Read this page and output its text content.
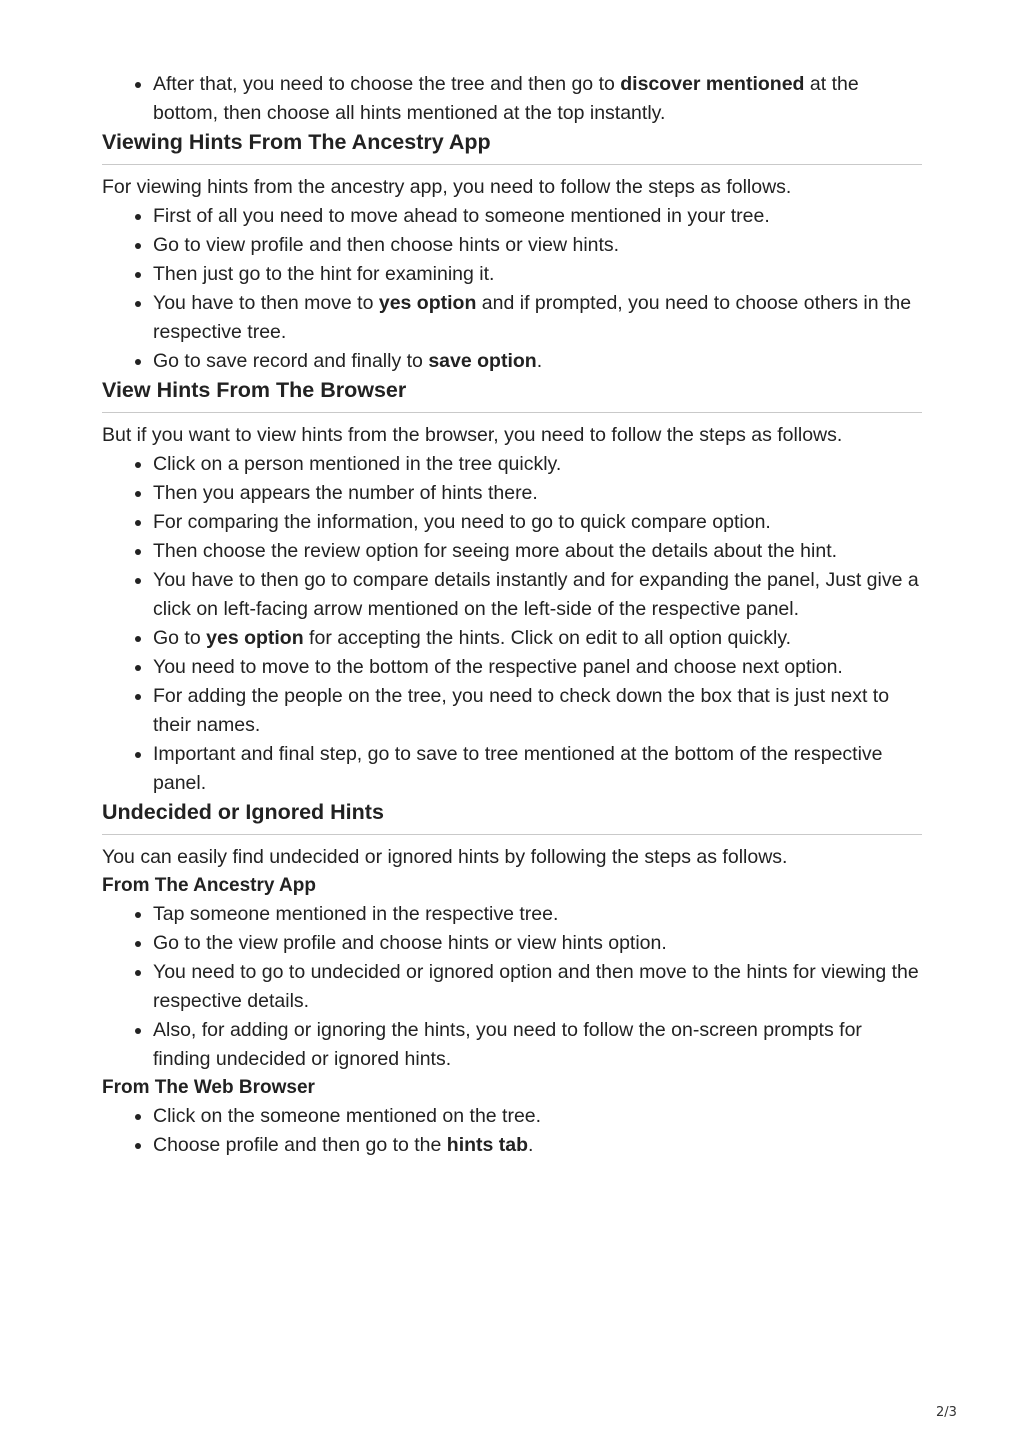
• After that, you need to choose the tree and then go to discover mentioned at the bottom, then choose all hints mentioned at the top instantly.
Viewing Hints From The Ancestry App

For viewing hints from the ancestry app, you need to follow the steps as follows.

• First of all you need to move ahead to someone mentioned in your tree.
• Go to view profile and then choose hints or view hints.
• Then just go to the hint for examining it.
• You have to then move to yes option and if prompted, you need to choose others in the respective tree.
• Go to save record and finally to save option.
View Hints From The Browser

But if you want to view hints from the browser, you need to follow the steps as follows.

• Click on a person mentioned in the tree quickly.
• Then you appears the number of hints there.
• For comparing the information, you need to go to quick compare option.
• Then choose the review option for seeing more about the details about the hint.
• You have to then go to compare details instantly and for expanding the panel, Just give a click on left-facing arrow mentioned on the left-side of the respective panel.
• Go to yes option for accepting the hints. Click on edit to all option quickly.
• You need to move to the bottom of the respective panel and choose next option.
• For adding the people on the tree, you need to check down the box that is just next to their names.
• Important and final step, go to save to tree mentioned at the bottom of the respective panel.
Undecided or Ignored Hints

You can easily find undecided or ignored hints by following the steps as follows.

From The Ancestry App
• Tap someone mentioned in the respective tree.
• Go to the view profile and choose hints or view hints option.
• You need to go to undecided or ignored option and then move to the hints for viewing the respective details.
• Also, for adding or ignoring the hints, you need to follow the on-screen prompts for finding undecided or ignored hints.
From The Web Browser
• Click on the someone mentioned on the tree.
• Choose profile and then go to the hints tab.
2/3
